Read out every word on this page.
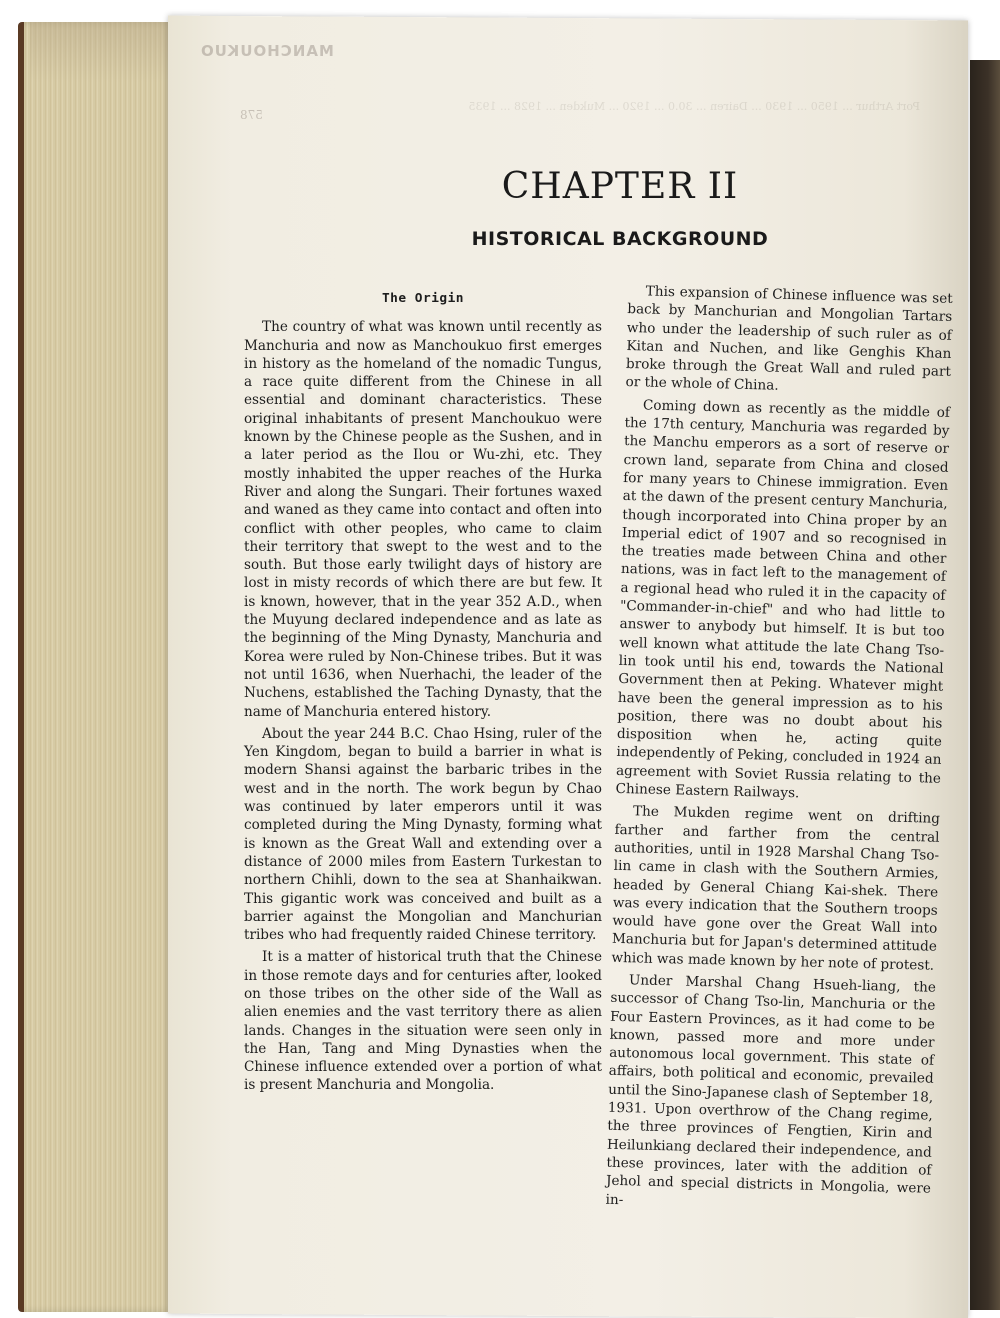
MANCHOUKUO
578
Port Arthur ... 1950 ... 1930 ... Dairen ... 30.0 ... 1920 ... Mukden ... 1928 ... 1935
CHAPTER II
HISTORICAL BACKGROUND
The Origin

The country of what was known until recently as Manchuria and now as Manchoukuo first emerges in history as the homeland of the nomadic Tungus, a race quite different from the Chinese in all essential and dominant characteristics. These original inhabitants of present Manchoukuo were known by the Chinese people as the Sushen, and in a later period as the Ilou or Wu-zhi, etc. They mostly inhabited the upper reaches of the Hurka River and along the Sungari. Their fortunes waxed and waned as they came into contact and often into conflict with other peoples, who came to claim their territory that swept to the west and to the south. But those early twilight days of history are lost in misty records of which there are but few. It is known, however, that in the year 352 A.D., when the Muyung declared independence and as late as the beginning of the Ming Dynasty, Manchuria and Korea were ruled by Non-Chinese tribes. But it was not until 1636, when Nuerhachi, the leader of the Nuchens, established the Taching Dynasty, that the name of Manchuria entered history.

About the year 244 B.C. Chao Hsing, ruler of the Yen Kingdom, began to build a barrier in what is modern Shansi against the barbaric tribes in the west and in the north. The work begun by Chao was continued by later emperors until it was completed during the Ming Dynasty, forming what is known as the Great Wall and extending over a distance of 2000 miles from Eastern Turkestan to northern Chihli, down to the sea at Shanhaikwan. This gigantic work was conceived and built as a barrier against the Mongolian and Manchurian tribes who had frequently raided Chinese territory.

It is a matter of historical truth that the Chinese in those remote days and for centuries after, looked on those tribes on the other side of the Wall as alien enemies and the vast territory there as alien lands. Changes in the situation were seen only in the Han, Tang and Ming Dynasties when the Chinese influence extended over a portion of what is present Manchuria and Mongolia.

This expansion of Chinese influence was set back by Manchurian and Mongolian Tartars who under the leadership of such ruler as of Kitan and Nuchen, and like Genghis Khan broke through the Great Wall and ruled part or the whole of China.

Coming down as recently as the middle of the 17th century, Manchuria was regarded by the Manchu emperors as a sort of reserve or crown land, separate from China and closed for many years to Chinese immigration. Even at the dawn of the present century Manchuria, though incorporated into China proper by an Imperial edict of 1907 and so recognised in the treaties made between China and other nations, was in fact left to the management of a regional head who ruled it in the capacity of "Commander-in-chief" and who had little to answer to anybody but himself. It is but too well known what attitude the late Chang Tso-lin took until his end, towards the National Government then at Peking. Whatever might have been the general impression as to his position, there was no doubt about his disposition when he, acting quite independently of Peking, concluded in 1924 an agreement with Soviet Russia relating to the Chinese Eastern Railways.

The Mukden regime went on drifting farther and farther from the central authorities, until in 1928 Marshal Chang Tso-lin came in clash with the Southern Armies, headed by General Chiang Kai-shek. There was every indication that the Southern troops would have gone over the Great Wall into Manchuria but for Japan's determined attitude which was made known by her note of protest.

Under Marshal Chang Hsueh-liang, the successor of Chang Tso-lin, Manchuria or the Four Eastern Provinces, as it had come to be known, passed more and more under autonomous local government. This state of affairs, both political and economic, prevailed until the Sino-Japanese clash of September 18, 1931. Upon overthrow of the Chang regime, the three provinces of Fengtien, Kirin and Heilunkiang declared their independence, and these provinces, later with the addition of Jehol and special districts in Mongolia, were in-
